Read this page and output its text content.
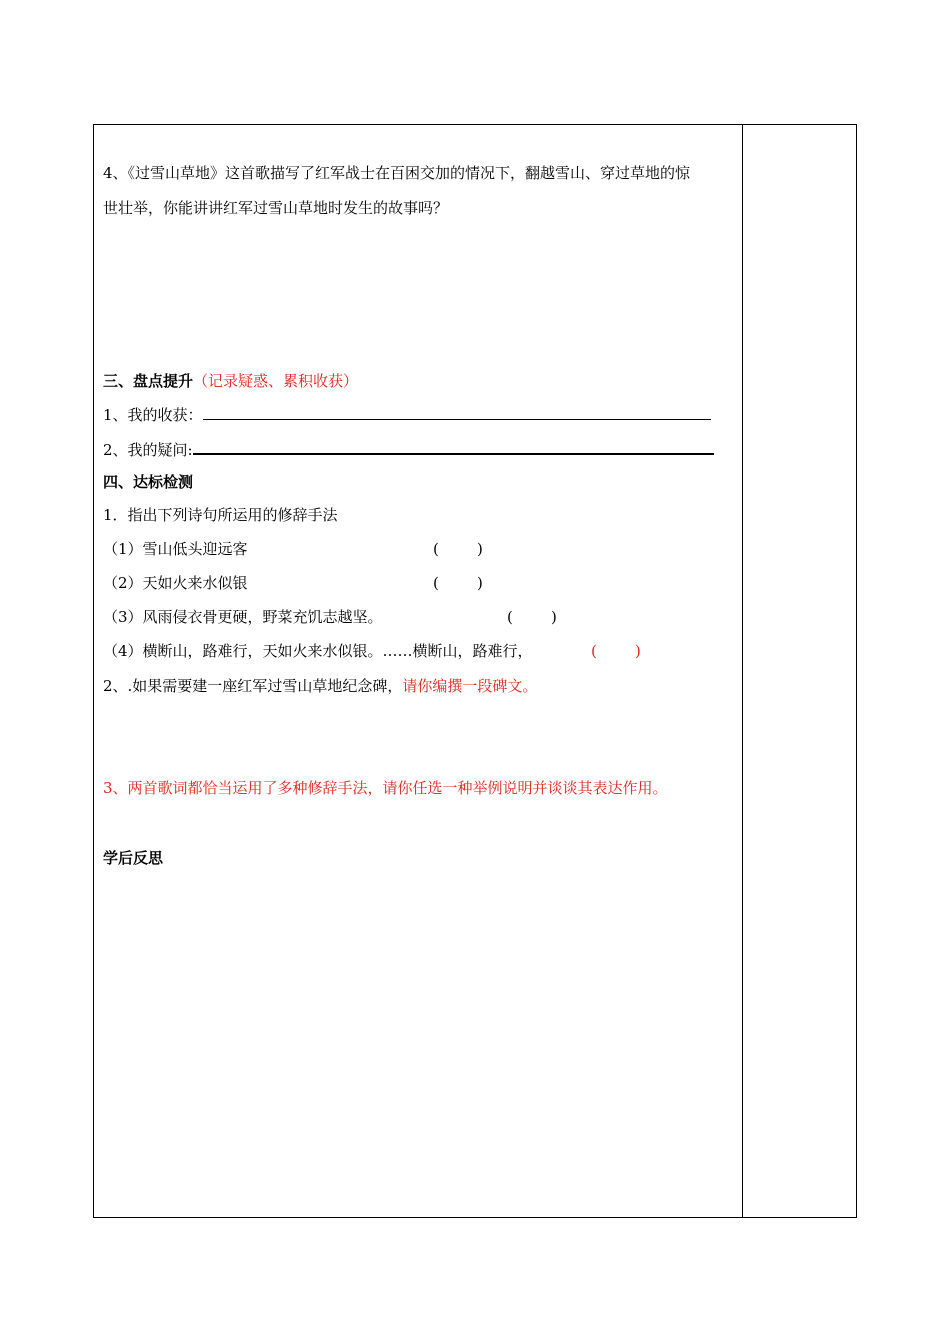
4、《过雪山草地》这首歌描写了红军战士在百困交加的情况下，翻越雪山、穿过草地的惊
世壮举，你能讲讲红军过雪山草地时发生的故事吗？
三、盘点提升（记录疑惑、累积收获）
1、我的收获：
2、我的疑问:
四、达标检测
1．指出下列诗句所运用的修辞手法
（1）雪山低头迎远客	(        )
（2）天如火来水似银	(        )
（3）风雨侵衣骨更硬，野菜充饥志越坚。	(        )
（4）横断山，路难行，天如火来水似银。……横断山，路难行，	(        )
2、.如果需要建一座红军过雪山草地纪念碑，请你编撰一段碑文。
3、两首歌词都恰当运用了多种修辞手法，请你任选一种举例说明并谈谈其表达作用。
学后反思
